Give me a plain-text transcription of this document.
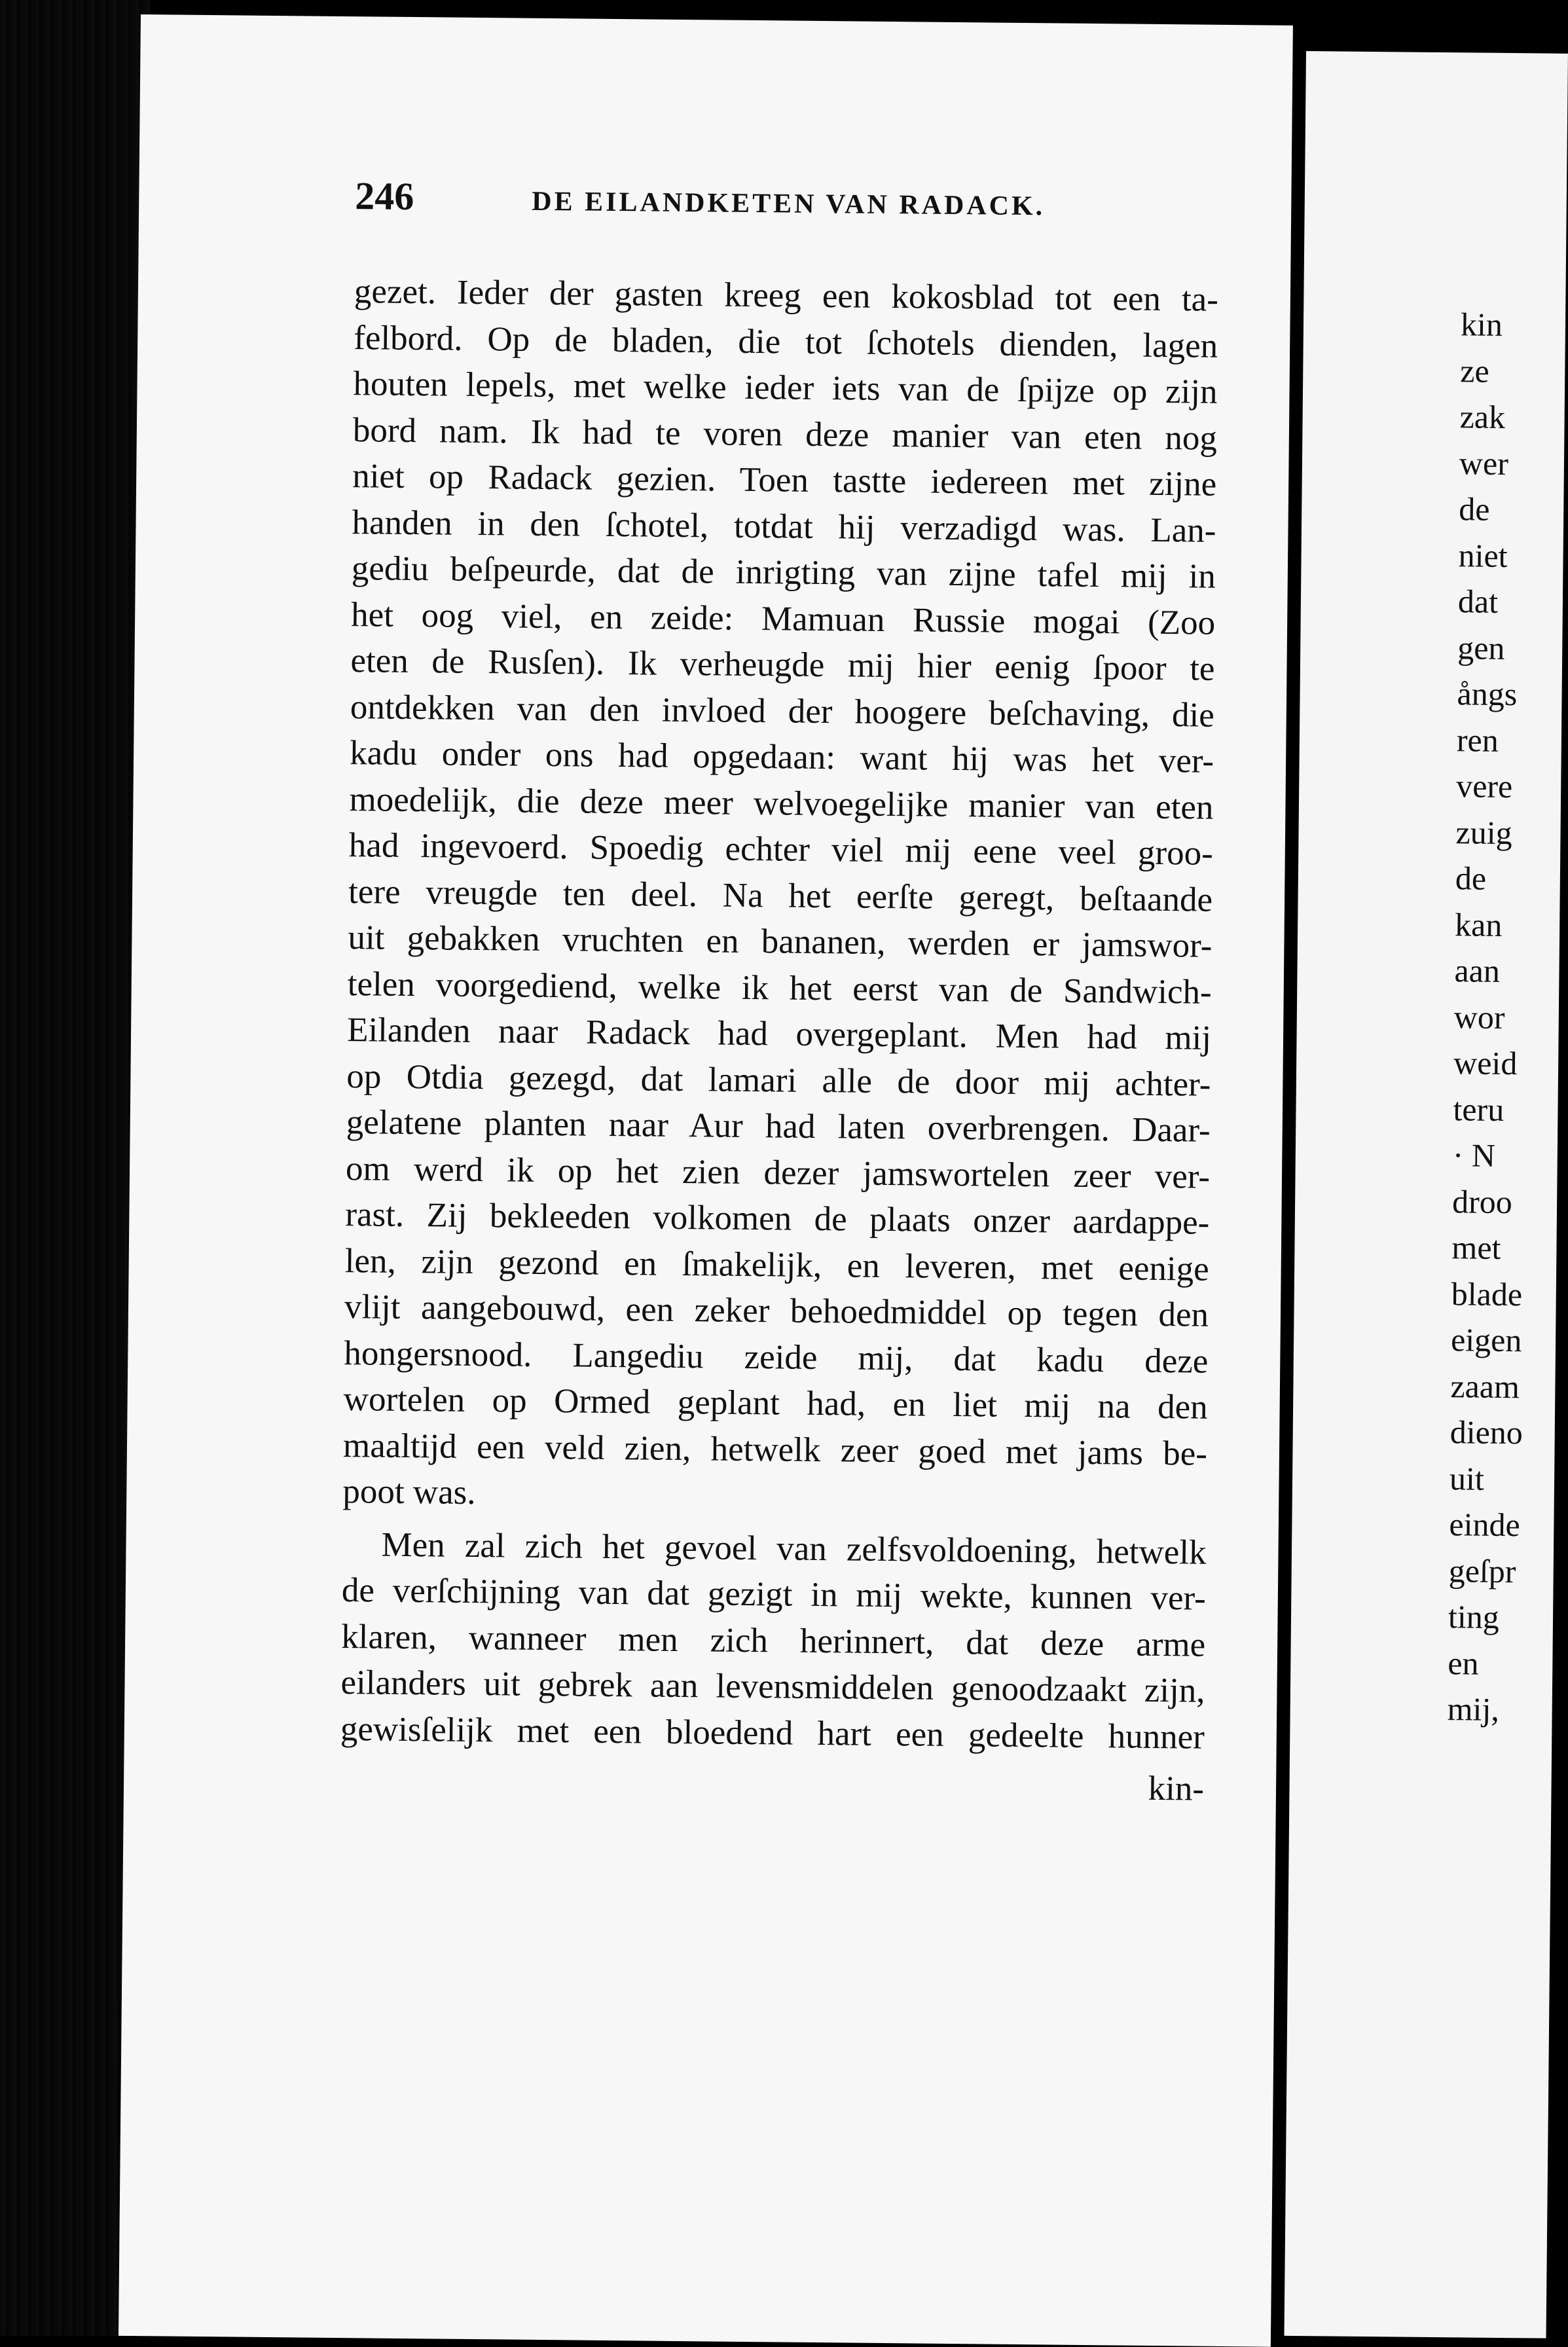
246	DE EILANDKETEN VAN RADACK.
gezet. Ieder der gasten kreeg een kokosblad tot een ta-
felbord. Op de bladen, die tot ſchotels dienden, lagen
houten lepels, met welke ieder iets van de ſpijze op zijn
bord nam. Ik had te voren deze manier van eten nog
niet op Radack gezien. Toen tastte iedereen met zijne
handen in den ſchotel, totdat hij verzadigd was. Lan-
gediu beſpeurde, dat de inrigting van zijne tafel mij in
het oog viel, en zeide: Mamuan Russie mogai (Zoo
eten de Rusſen). Ik verheugde mij hier eenig ſpoor te
ontdekken van den invloed der hoogere beſchaving, die
kadu onder ons had opgedaan: want hij was het ver-
moedelijk, die deze meer welvoegelijke manier van eten
had ingevoerd. Spoedig echter viel mij eene veel groo-
tere vreugde ten deel. Na het eerſte geregt, beſtaande
uit gebakken vruchten en bananen, werden er jamswor-
telen voorgediend, welke ik het eerst van de Sandwich-
Eilanden naar Radack had overgeplant. Men had mij
op Otdia gezegd, dat lamari alle de door mij achter-
gelatene planten naar Aur had laten overbrengen. Daar-
om werd ik op het zien dezer jamswortelen zeer ver-
rast. Zij bekleeden volkomen de plaats onzer aardappe-
len, zijn gezond en ſmakelijk, en leveren, met eenige
vlijt aangebouwd, een zeker behoedmiddel op tegen den
hongersnood. Langediu zeide mij, dat kadu deze
wortelen op Ormed geplant had, en liet mij na den
maaltijd een veld zien, hetwelk zeer goed met jams be-
poot was.
Men zal zich het gevoel van zelfsvoldoening, hetwelk
de verſchijning van dat gezigt in mij wekte, kunnen ver-
klaren, wanneer men zich herinnert, dat deze arme
eilanders uit gebrek aan levensmiddelen genoodzaakt zijn,
gewisſelijk met een bloedend hart een gedeelte hunner
kin-
kin
ze
zak
wer
de
niet
dat
gen
ångs
ren
vere
zuig
de
kan
aan
wor
weid
teru
· N
droo
met
blade
eigen
zaam
dieno
uit
einde
geſpr
ting
en
mij,
